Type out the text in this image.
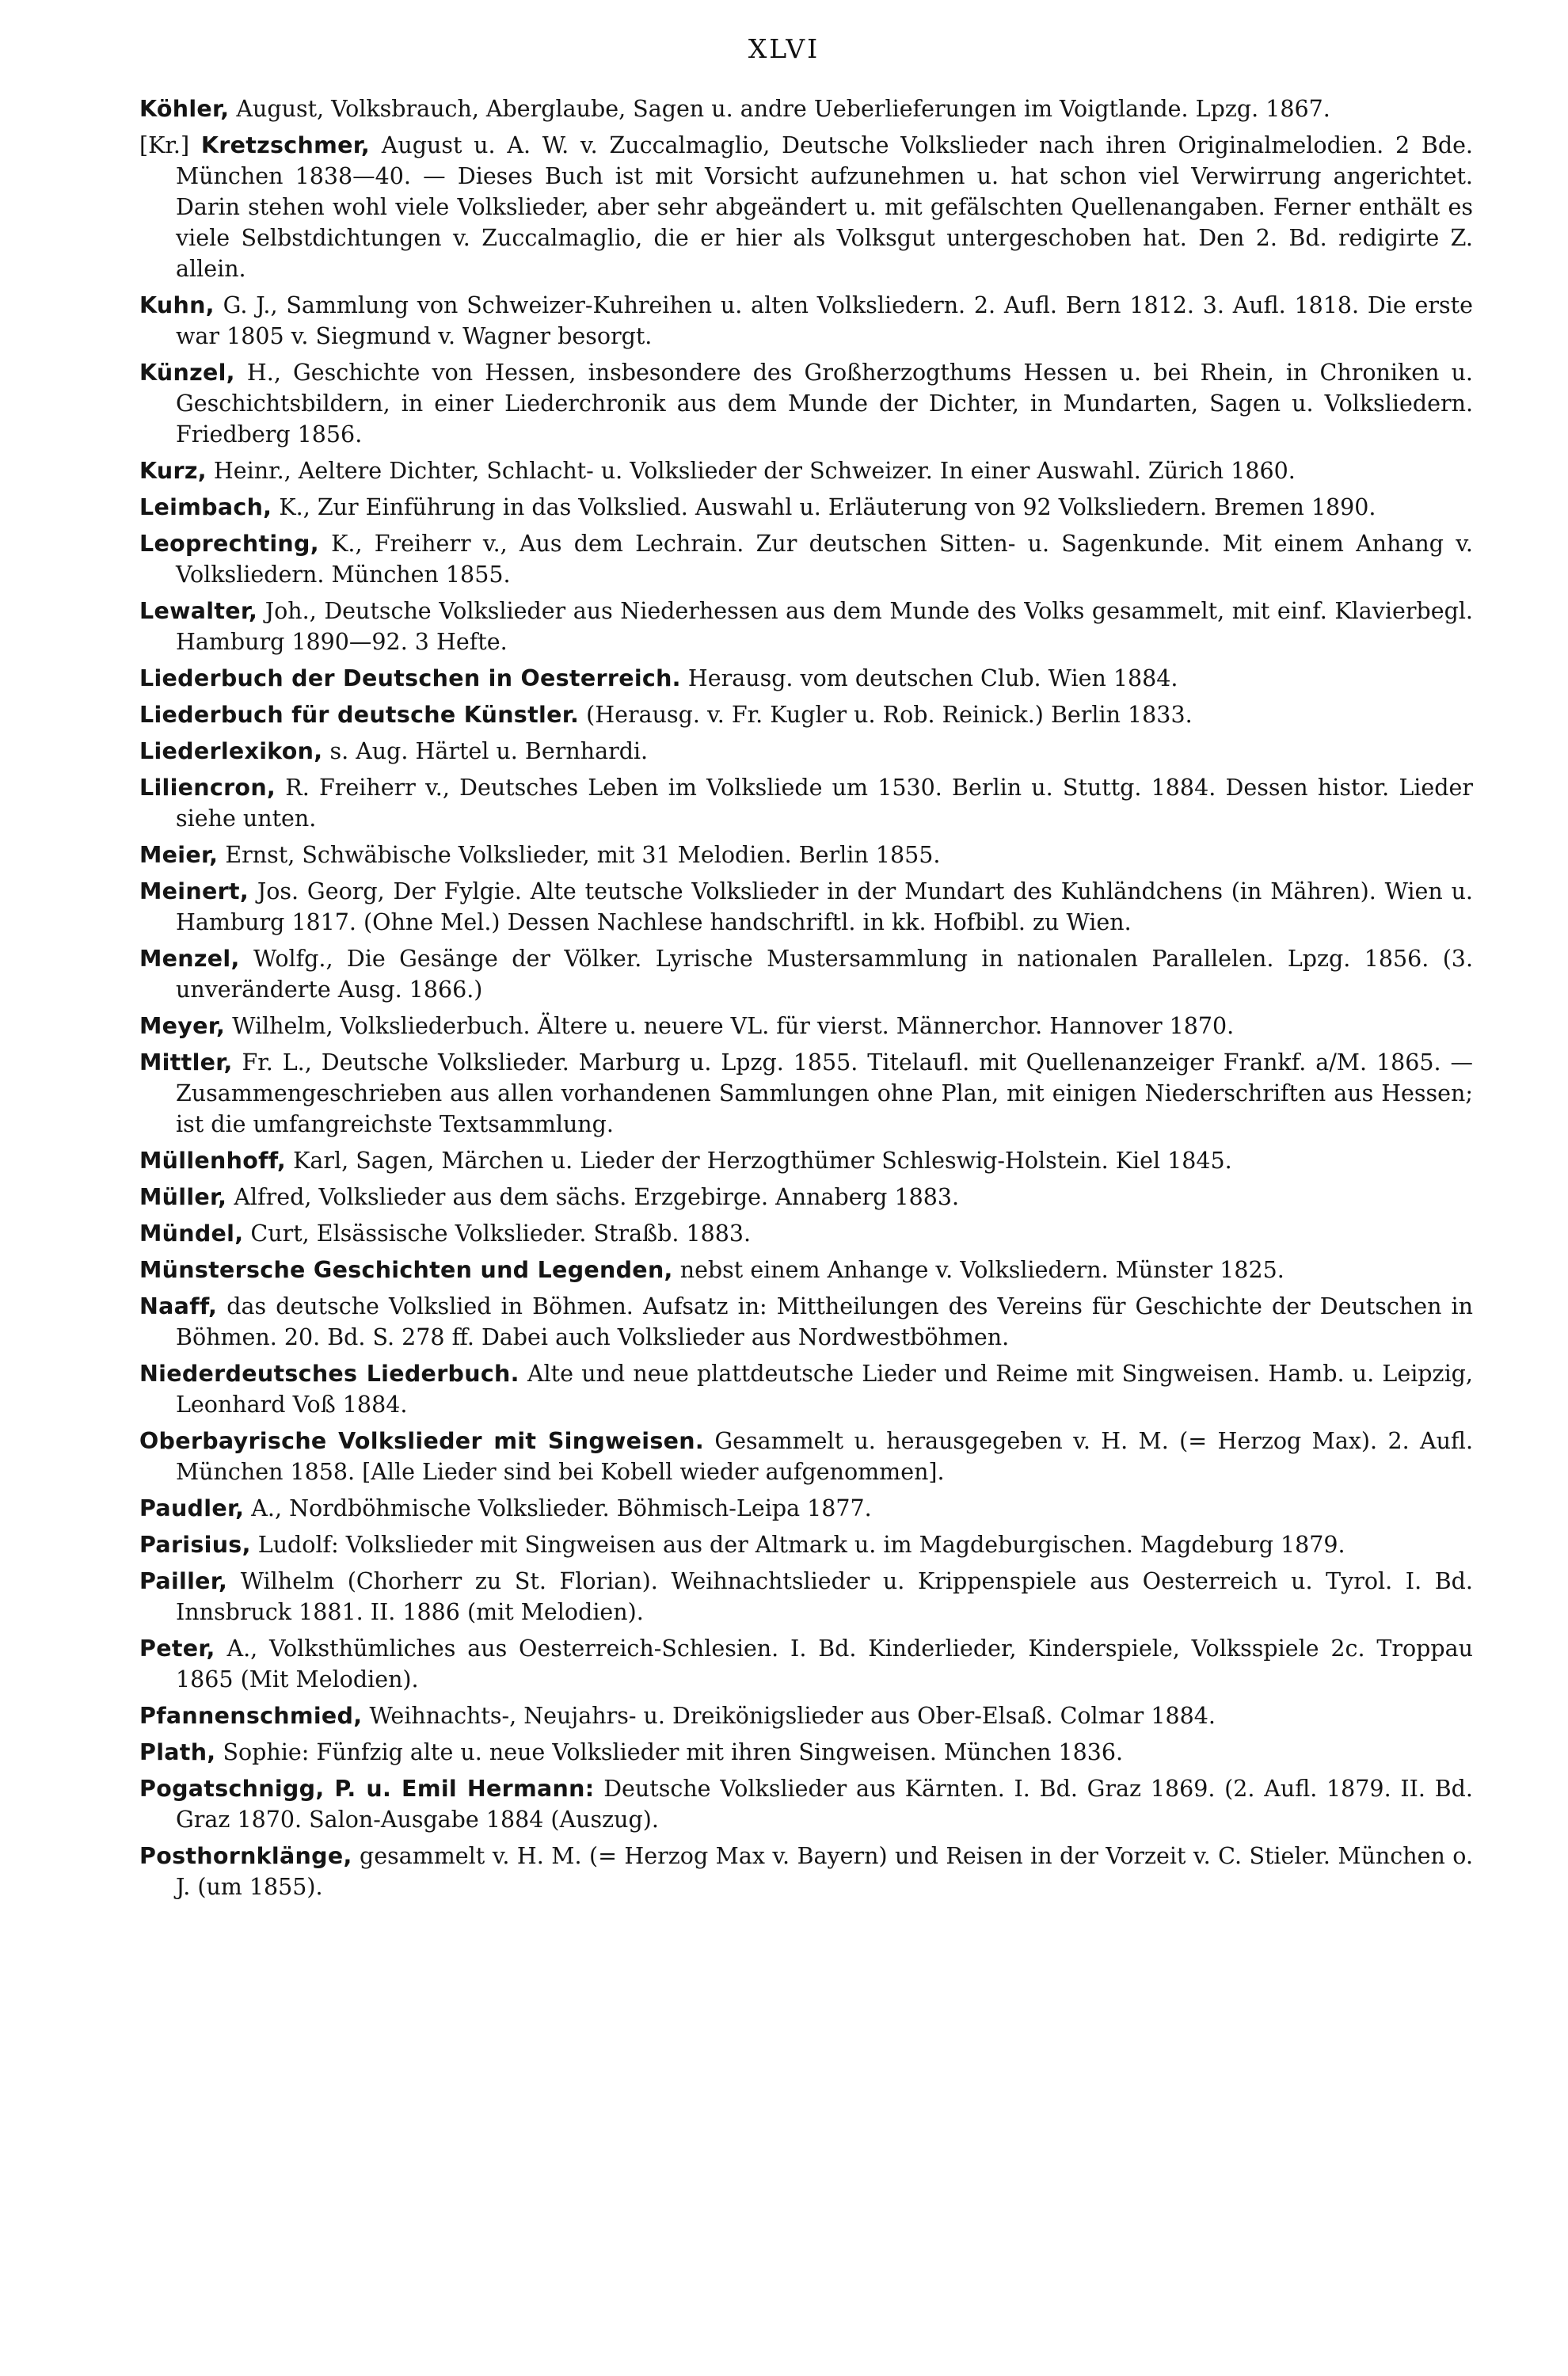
XLVI

Köhler, August, Volksbrauch, Aberglaube, Sagen u. andre Ueberlieferungen im Voigtlande. Lpzg. 1867.

[Kr.] Kretzschmer, August u. A. W. v. Zuccalmaglio, Deutsche Volkslieder nach ihren Originalmelodien. 2 Bde. München 1838—40. — Dieses Buch ist mit Vorsicht aufzunehmen u. hat schon viel Verwirrung angerichtet. Darin stehen wohl viele Volkslieder, aber sehr abgeändert u. mit gefälschten Quellenangaben. Ferner enthält es viele Selbstdichtungen v. Zuccalmaglio, die er hier als Volksgut untergeschoben hat. Den 2. Bd. redigirte Z. allein.

Kuhn, G. J., Sammlung von Schweizer-Kuhreihen u. alten Volksliedern. 2. Aufl. Bern 1812. 3. Aufl. 1818. Die erste war 1805 v. Siegmund v. Wagner besorgt.

Künzel, H., Geschichte von Hessen, insbesondere des Großherzogthums Hessen u. bei Rhein, in Chroniken u. Geschichtsbildern, in einer Liederchronik aus dem Munde der Dichter, in Mundarten, Sagen u. Volksliedern. Friedberg 1856.

Kurz, Heinr., Aeltere Dichter, Schlacht- u. Volkslieder der Schweizer. In einer Auswahl. Zürich 1860.

Leimbach, K., Zur Einführung in das Volkslied. Auswahl u. Erläuterung von 92 Volksliedern. Bremen 1890.

Leoprechting, K., Freiherr v., Aus dem Lechrain. Zur deutschen Sitten- u. Sagenkunde. Mit einem Anhang v. Volksliedern. München 1855.

Lewalter, Joh., Deutsche Volkslieder aus Niederhessen aus dem Munde des Volks gesammelt, mit einf. Klavierbegl. Hamburg 1890—92. 3 Hefte.

Liederbuch der Deutschen in Oesterreich. Herausg. vom deutschen Club. Wien 1884.

Liederbuch für deutsche Künstler. (Herausg. v. Fr. Kugler u. Rob. Reinick.) Berlin 1833.

Liederlexikon, s. Aug. Härtel u. Bernhardi.

Liliencron, R. Freiherr v., Deutsches Leben im Volksliede um 1530. Berlin u. Stuttg. 1884. Dessen histor. Lieder siehe unten.

Meier, Ernst, Schwäbische Volkslieder, mit 31 Melodien. Berlin 1855.

Meinert, Jos. Georg, Der Fylgie. Alte teutsche Volkslieder in der Mundart des Kuhländchens (in Mähren). Wien u. Hamburg 1817. (Ohne Mel.) Dessen Nachlese handschriftl. in kk. Hofbibl. zu Wien.

Menzel, Wolfg., Die Gesänge der Völker. Lyrische Mustersammlung in nationalen Parallelen. Lpzg. 1856. (3. unveränderte Ausg. 1866.)

Meyer, Wilhelm, Volksliederbuch. Ältere u. neuere VL. für vierst. Männerchor. Hannover 1870.

Mittler, Fr. L., Deutsche Volkslieder. Marburg u. Lpzg. 1855. Titelaufl. mit Quellenanzeiger Frankf. a/M. 1865. — Zusammengeschrieben aus allen vorhandenen Sammlungen ohne Plan, mit einigen Niederschriften aus Hessen; ist die umfangreichste Textsammlung.

Müllenhoff, Karl, Sagen, Märchen u. Lieder der Herzogthümer Schleswig-Holstein. Kiel 1845.

Müller, Alfred, Volkslieder aus dem sächs. Erzgebirge. Annaberg 1883.

Mündel, Curt, Elsässische Volkslieder. Straßb. 1883.

Münstersche Geschichten und Legenden, nebst einem Anhange v. Volksliedern. Münster 1825.

Naaff, das deutsche Volkslied in Böhmen. Aufsatz in: Mittheilungen des Vereins für Geschichte der Deutschen in Böhmen. 20. Bd. S. 278 ff. Dabei auch Volkslieder aus Nordwestböhmen.

Niederdeutsches Liederbuch. Alte und neue plattdeutsche Lieder und Reime mit Singweisen. Hamb. u. Leipzig, Leonhard Voß 1884.

Oberbayrische Volkslieder mit Singweisen. Gesammelt u. herausgegeben v. H. M. (= Herzog Max). 2. Aufl. München 1858. [Alle Lieder sind bei Kobell wieder aufgenommen].

Paudler, A., Nordböhmische Volkslieder. Böhmisch-Leipa 1877.

Parisius, Ludolf: Volkslieder mit Singweisen aus der Altmark u. im Magdeburgischen. Magdeburg 1879.

Pailler, Wilhelm (Chorherr zu St. Florian). Weihnachtslieder u. Krippenspiele aus Oesterreich u. Tyrol. I. Bd. Innsbruck 1881. II. 1886 (mit Melodien).

Peter, A., Volksthümliches aus Oesterreich-Schlesien. I. Bd. Kinderlieder, Kinderspiele, Volksspiele 2c. Troppau 1865 (Mit Melodien).

Pfannenschmied, Weihnachts-, Neujahrs- u. Dreikönigslieder aus Ober-Elsaß. Colmar 1884.

Plath, Sophie: Fünfzig alte u. neue Volkslieder mit ihren Singweisen. München 1836.

Pogatschnigg, P. u. Emil Hermann: Deutsche Volkslieder aus Kärnten. I. Bd. Graz 1869. (2. Aufl. 1879. II. Bd. Graz 1870. Salon-Ausgabe 1884 (Auszug).

Posthornklänge, gesammelt v. H. M. (= Herzog Max v. Bayern) und Reisen in der Vorzeit v. C. Stieler. München o. J. (um 1855).
